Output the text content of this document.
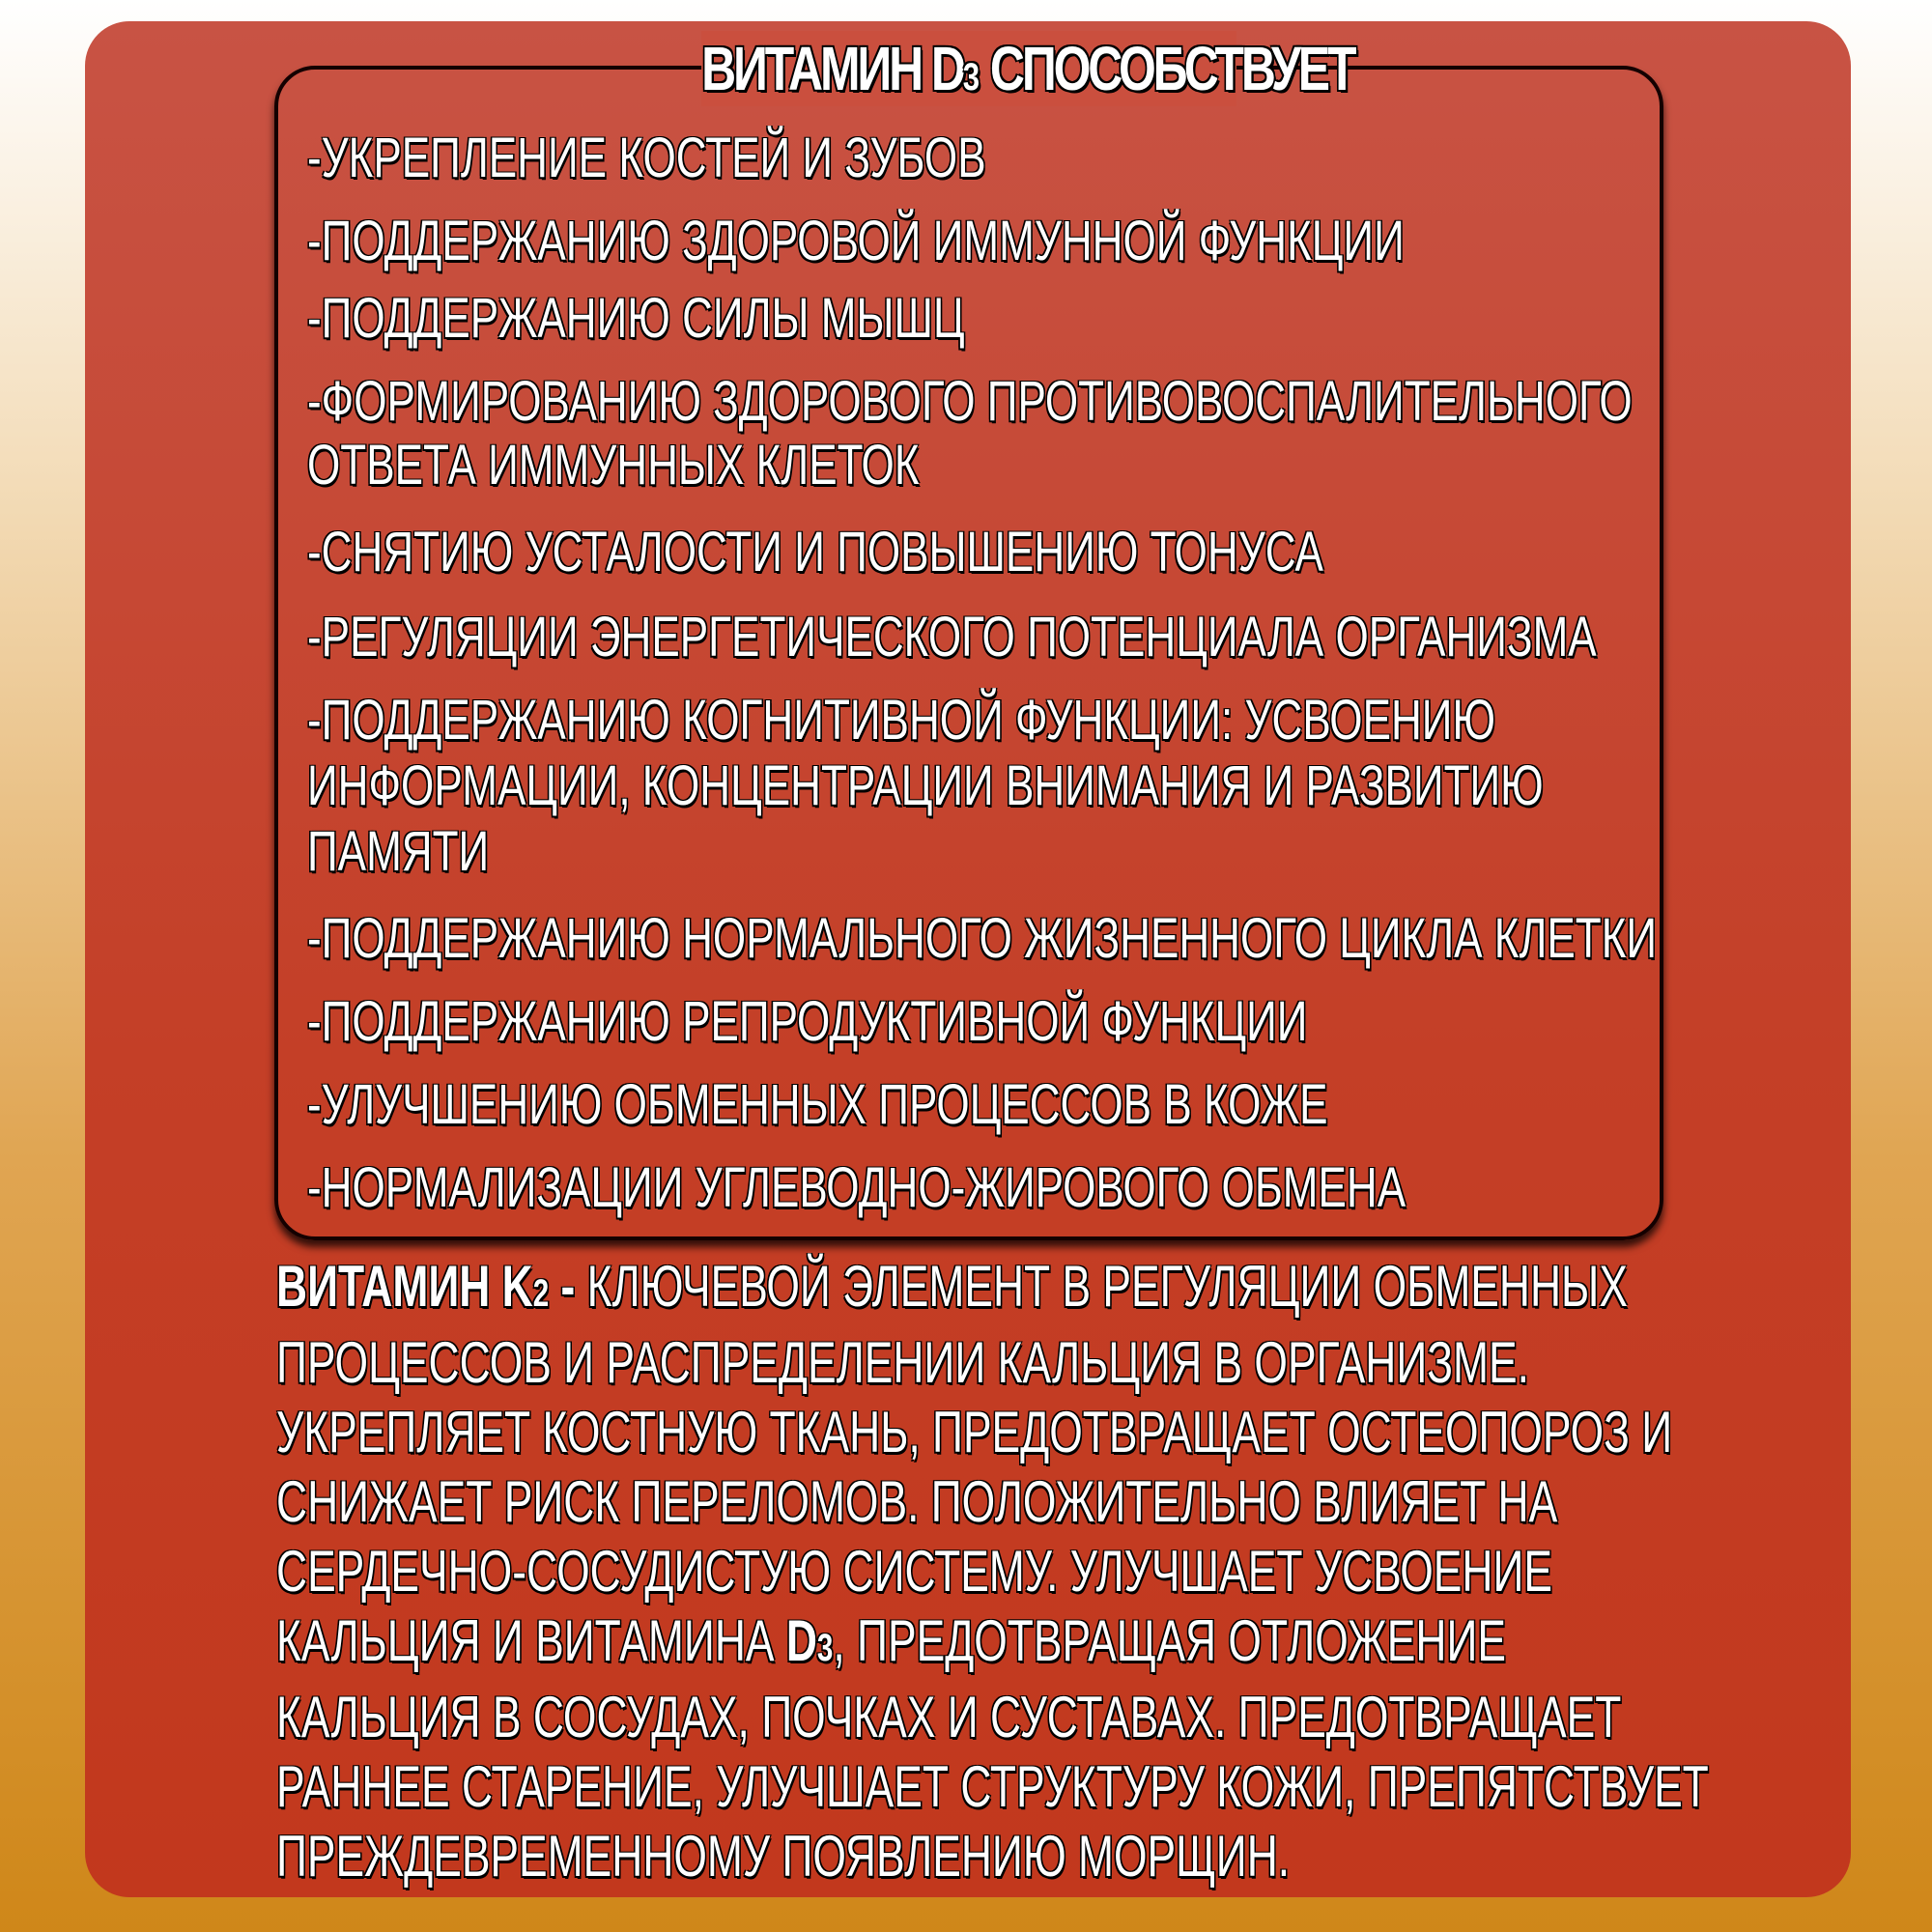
ВИТАМИН D3 СПОСОБСТВУЕТ
-УКРЕПЛЕНИЕ КОСТЕЙ И ЗУБОВ
-ПОДДЕРЖАНИЮ ЗДОРОВОЙ ИММУННОЙ ФУНКЦИИ
-ПОДДЕРЖАНИЮ СИЛЫ МЫШЦ
-ФОРМИРОВАНИЮ ЗДОРОВОГО ПРОТИВОВОСПАЛИТЕЛЬНОГО
ОТВЕТА ИММУННЫХ КЛЕТОК
-СНЯТИЮ УСТАЛОСТИ И ПОВЫШЕНИЮ ТОНУСА
-РЕГУЛЯЦИИ ЭНЕРГЕТИЧЕСКОГО ПОТЕНЦИАЛА ОРГАНИЗМА
-ПОДДЕРЖАНИЮ КОГНИТИВНОЙ ФУНКЦИИ: УСВОЕНИЮ
ИНФОРМАЦИИ, КОНЦЕНТРАЦИИ ВНИМАНИЯ И РАЗВИТИЮ
ПАМЯТИ
-ПОДДЕРЖАНИЮ НОРМАЛЬНОГО ЖИЗНЕННОГО ЦИКЛА КЛЕТКИ
-ПОДДЕРЖАНИЮ РЕПРОДУКТИВНОЙ ФУНКЦИИ
-УЛУЧШЕНИЮ ОБМЕННЫХ ПРОЦЕССОВ В КОЖЕ
-НОРМАЛИЗАЦИИ УГЛЕВОДНО-ЖИРОВОГО ОБМЕНА
ВИТАМИН K2 - КЛЮЧЕВОЙ ЭЛЕМЕНТ В РЕГУЛЯЦИИ ОБМЕННЫХ
ПРОЦЕССОВ И РАСПРЕДЕЛЕНИИ КАЛЬЦИЯ В ОРГАНИЗМЕ.
УКРЕПЛЯЕТ КОСТНУЮ ТКАНЬ, ПРЕДОТВРАЩАЕТ ОСТЕОПОРОЗ И
СНИЖАЕТ РИСК ПЕРЕЛОМОВ. ПОЛОЖИТЕЛЬНО ВЛИЯЕТ НА
СЕРДЕЧНО-СОСУДИСТУЮ СИСТЕМУ. УЛУЧШАЕТ УСВОЕНИЕ
КАЛЬЦИЯ И ВИТАМИНА D3, ПРЕДОТВРАЩАЯ ОТЛОЖЕНИЕ
КАЛЬЦИЯ В СОСУДАХ, ПОЧКАХ И СУСТАВАХ. ПРЕДОТВРАЩАЕТ
РАННЕЕ СТАРЕНИЕ, УЛУЧШАЕТ СТРУКТУРУ КОЖИ, ПРЕПЯТСТВУЕТ
ПРЕЖДЕВРЕМЕННОМУ ПОЯВЛЕНИЮ МОРЩИН.
